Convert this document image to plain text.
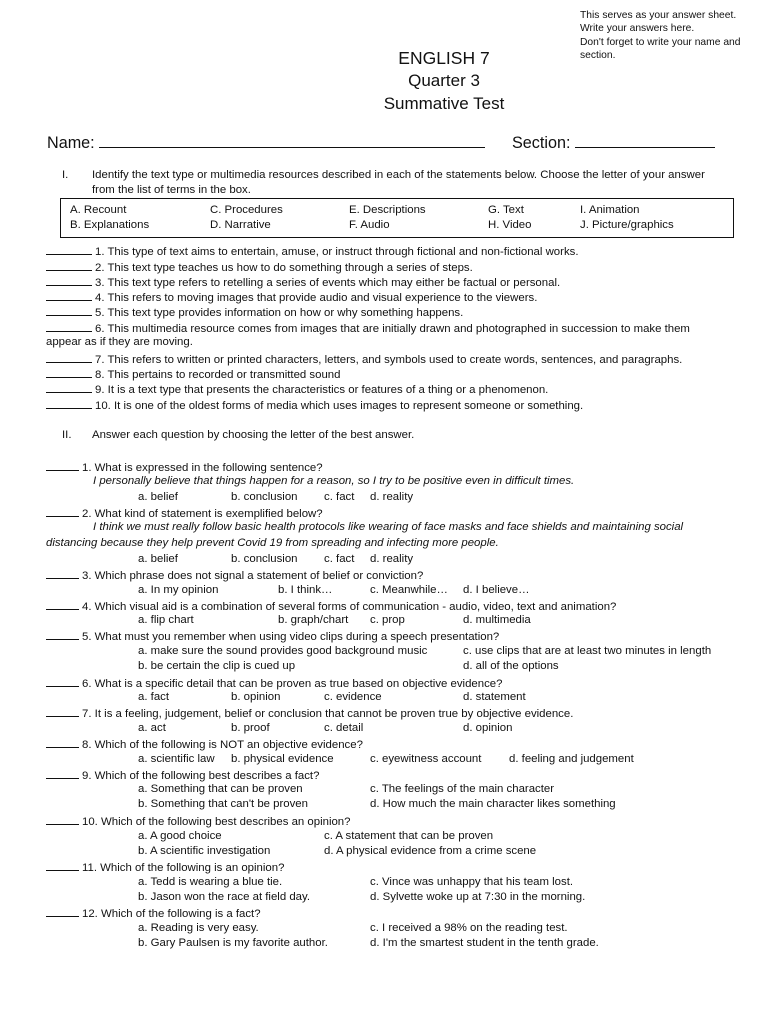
This serves as your answer sheet.
Write your answers here.
Don't forget to write your name and
section.
ENGLISH 7
Quarter 3
Summative Test
Name:	Section:
I. Identify the text type or multimedia resources described in each of the statements below. Choose the letter of your answer
from the list of terms in the box.
A. Recount	C. Procedures	E. Descriptions	G. Text	I. Animation
B. Explanations	D. Narrative	F. Audio	H. Video	J. Picture/graphics
1. This type of text aims to entertain, amuse, or instruct through fictional and non-fictional works.
2. This text type teaches us how to do something through a series of steps.
3. This text type refers to retelling a series of events which may either be factual or personal.
4. This refers to moving images that provide audio and visual experience to the viewers.
5. This text type provides information on how or why something happens.
6. This multimedia resource comes from images that are initially drawn and photographed in succession to make them
appear as if they are moving.
7. This refers to written or printed characters, letters, and symbols used to create words, sentences, and paragraphs.
8. This pertains to recorded or transmitted sound
9. It is a text type that presents the characteristics or features of a thing or a phenomenon.
10. It is one of the oldest forms of media which uses images to represent someone or something.
II. Answer each question by choosing the letter of the best answer.
1. What is expressed in the following sentence?
I personally believe that things happen for a reason, so I try to be positive even in difficult times.
a. belief	b. conclusion c. fact d. reality
2. What kind of statement is exemplified below?
I think we must really follow basic health protocols like wearing of face masks and face shields and maintaining social
distancing because they help prevent Covid 19 from spreading and infecting more people.
a. belief	b. conclusion c. fact d. reality
3. Which phrase does not signal a statement of belief or conviction?
a. In my opinion	b. I think…	c. Meanwhile… d. I believe…
4. Which visual aid is a combination of several forms of communication - audio, video, text and animation?
a. flip chart	b. graph/chart c. prop	d. multimedia
5. What must you remember when using video clips during a speech presentation?
a. make sure the sound provides good background music	c. use clips that are at least two minutes in length
b. be certain the clip is cued up	d. all of the options
6. What is a specific detail that can be proven as true based on objective evidence?
a. fact	b. opinion	c. evidence	d. statement
7. It is a feeling, judgement, belief or conclusion that cannot be proven true by objective evidence.
a. act	b. proof	c. detail	d. opinion
8. Which of the following is NOT an objective evidence?
a. scientific law b. physical evidence	c. eyewitness account d. feeling and judgement
9. Which of the following best describes a fact?
a. Something that can be proven	c. The feelings of the main character
b. Something that can't be proven	d. How much the main character likes something
10. Which of the following best describes an opinion?
a. A good choice	c. A statement that can be proven
b. A scientific investigation	d. A physical evidence from a crime scene
11. Which of the following is an opinion?
a. Tedd is wearing a blue tie.	c. Vince was unhappy that his team lost.
b. Jason won the race at field day.	d. Sylvette woke up at 7:30 in the morning.
12. Which of the following is a fact?
a. Reading is very easy.	c. I received a 98% on the reading test.
b. Gary Paulsen is my favorite author.	d. I'm the smartest student in the tenth grade.
